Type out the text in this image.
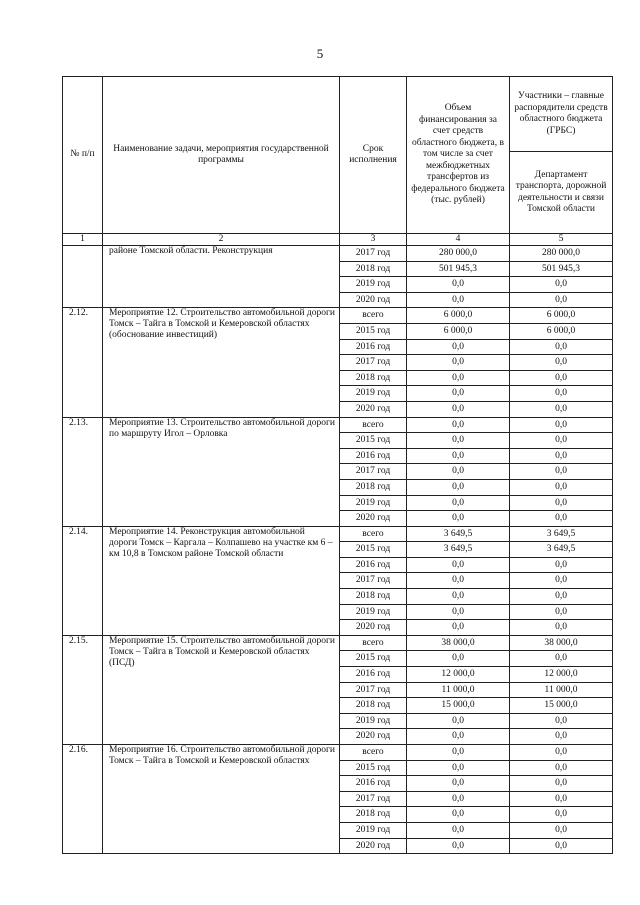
5
№ п/п	Наименование задачи, мероприятия государственной программы	Срок исполнения	Объем финансирования за счет средств областного бюджета, в том числе за счет межбюджетных трансфертов из федерального бюджета (тыс. рублей)	Участники – главные распорядители средств областного бюджета (ГРБС)
				Департамент транспорта, дорожной деятельности и связи Томской области
1	2	3	4	5
	районе Томской области. Реконструкция	2017 год	280 000,0	280 000,0
		2018 год	501 945,3	501 945,3
		2019 год	0,0	0,0
		2020 год	0,0	0,0
2.12.	Мероприятие 12. Строительство автомобильной дороги Томск – Тайга в Томской и Кемеровской областях (обоснование инвестиций)	всего	6 000,0	6 000,0
		2015 год	6 000,0	6 000,0
		2016 год	0,0	0,0
		2017 год	0,0	0,0
		2018 год	0,0	0,0
		2019 год	0,0	0,0
		2020 год	0,0	0,0
2.13.	Мероприятие 13. Строительство автомобильной дороги по маршруту Игол – Орловка	всего	0,0	0,0
		2015 год	0,0	0,0
		2016 год	0,0	0,0
		2017 год	0,0	0,0
		2018 год	0,0	0,0
		2019 год	0,0	0,0
		2020 год	0,0	0,0
2.14.	Мероприятие 14. Реконструкция автомобильной дороги Томск – Каргала – Колпашево на участке км 6 – км 10,8 в Томском районе Томской области	всего	3 649,5	3 649,5
		2015 год	3 649,5	3 649,5
		2016 год	0,0	0,0
		2017 год	0,0	0,0
		2018 год	0,0	0,0
		2019 год	0,0	0,0
		2020 год	0,0	0,0
2.15.	Мероприятие 15. Строительство автомобильной дороги Томск – Тайга в Томской и Кемеровской областях (ПСД)	всего	38 000,0	38 000,0
		2015 год	0,0	0,0
		2016 год	12 000,0	12 000,0
		2017 год	11 000,0	11 000,0
		2018 год	15 000,0	15 000,0
		2019 год	0,0	0,0
		2020 год	0,0	0,0
2.16.	Мероприятие 16. Строительство автомобильной дороги Томск – Тайга в Томской и Кемеровской областях	всего	0,0	0,0
		2015 год	0,0	0,0
		2016 год	0,0	0,0
		2017 год	0,0	0,0
		2018 год	0,0	0,0
		2019 год	0,0	0,0
		2020 год	0,0	0,0
